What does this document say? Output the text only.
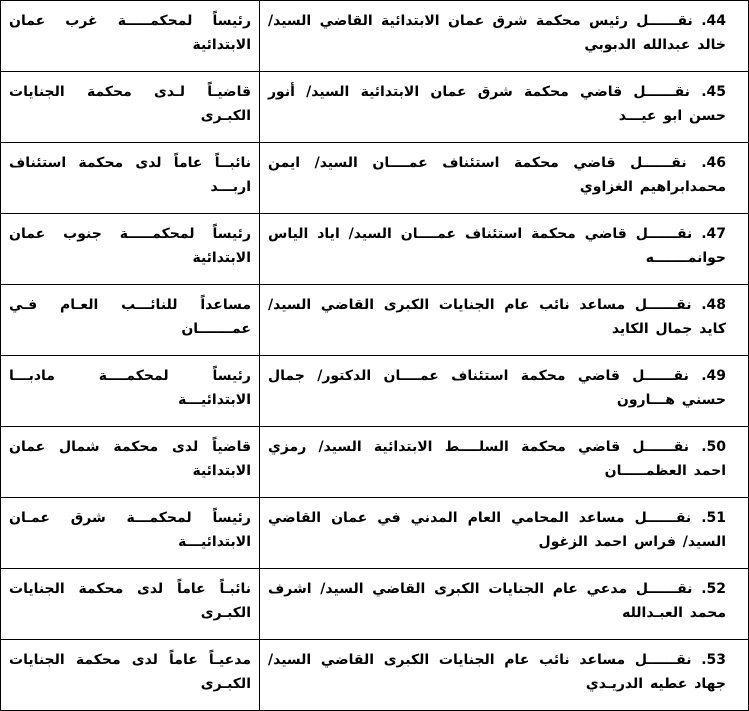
44. نقــــــل رئيس محكمة شرق عمان الابتدائية القاضي السيد/ خالد عبدالله الدبوبي	رئيساً لمحكمـــــة غرب عمان الابتدائية

45. نقــــــل قاضي محكمة شرق عمان الابتدائية السيد/ أنور حسن ابو عيـــد	قاضيـاً لـدى محكمة الجنايات الكبـرى

46. نقــــــل قاضي محكمة استئناف عمــــان السيد/ ايمن محمدابراهيم الغزاوي	نائبــاً عاماً لدى محكمة استئناف اربـــد

47. نقــــــل قاضي محكمة استئناف عمــــان السيد/ اياد الياس حوانمـــــــه	رئيساً لمحكمـــــة جنوب عمان الابتدائية

48. نقــــــل مساعد نائب عام الجنايات الكبرى القاضي السيد/ كايد جمال الكايد	مساعداً للنائـــب العـام فـي عمـــــــان

49. نقــــــل قاضي محكمة استئناف عمــــان الدكتور/ جمال حسني هـــارون	رئيساً لمحكمــــة مادبـــا الابتدائيـــة

50. نقــــــل قاضي محكمة السلــــط الابتدائية السيد/ رمزي احمد العظمـــــان	قاضياً لدى محكمة شمال عمان الابتدائية

51. نقــــــل مساعد المحامي العام المدني في عمان القاضي السيد/ فراس احمد الزغول	رئيساً لمحكمـــة شرق عمـان الابتدائيـــة

52. نقــــــل مدعي عام الجنايات الكبرى القاضي السيد/ اشرف محمد العبـدالله	نائبـاً عاماً لدى محكمة الجنايات الكبـرى

53. نقــــــل مساعد نائب عام الجنايات الكبرى القاضي السيد/ جهاد عطيه الدريـدي	مدعيـاً عاماً لدى محكمة الجنايات الكبـرى
